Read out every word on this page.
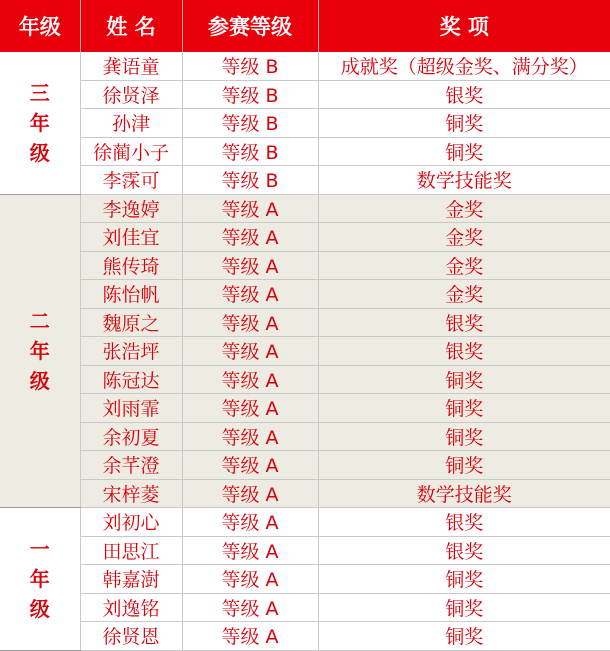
年级	姓 名	参赛等级	奖 项

三
年
级	龚语童	等级 B	成就奖（超级金奖、满分奖）
	徐贤泽	等级 B	银奖
	孙津	等级 B	铜奖
	徐蔺小子	等级 B	铜奖
	李霂可	等级 B	数学技能奖

二
年
级	李逸婷	等级 A	金奖
	刘佳宜	等级 A	金奖
	熊传琦	等级 A	金奖
	陈怡帆	等级 A	金奖
	魏原之	等级 A	银奖
	张浩坪	等级 A	银奖
	陈冠达	等级 A	铜奖
	刘雨霏	等级 A	铜奖
	余初夏	等级 A	铜奖
	余芊澄	等级 A	铜奖
	宋梓菱	等级 A	数学技能奖

一
年
级	刘初心	等级 A	银奖
	田思江	等级 A	银奖
	韩嘉澍	等级 A	铜奖
	刘逸铭	等级 A	铜奖
	徐贤恩	等级 A	铜奖
